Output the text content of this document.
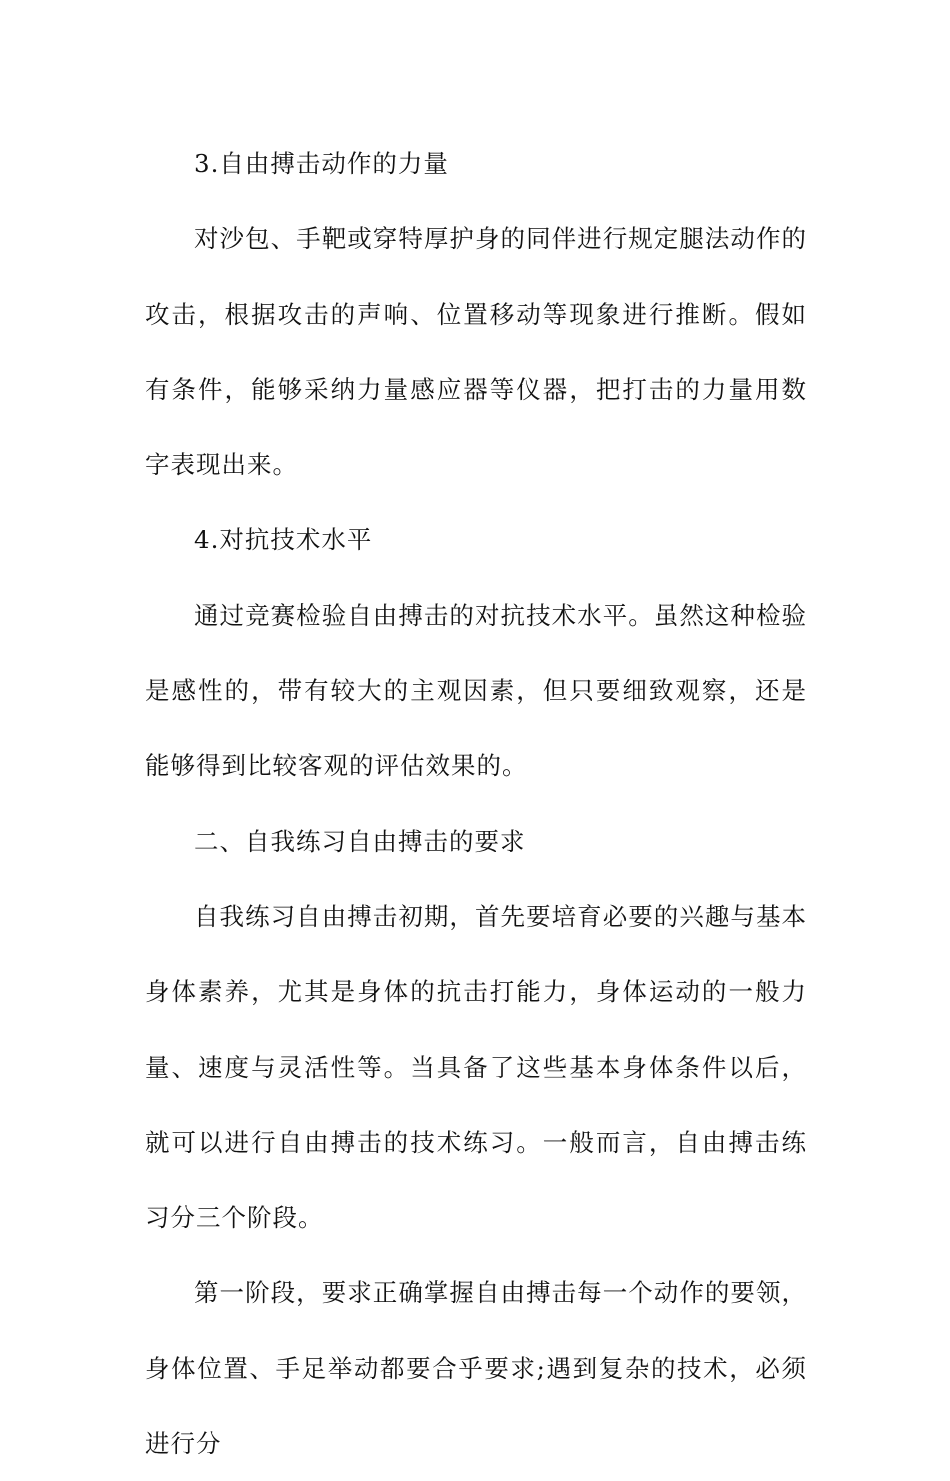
3.自由搏击动作的力量

对沙包、手靶或穿特厚护身的同伴进行规定腿法动作的攻击，根据攻击的声响、位置移动等现象进行推断。假如有条件，能够采纳力量感应器等仪器，把打击的力量用数字表现出来。

4.对抗技术水平

通过竞赛检验自由搏击的对抗技术水平。虽然这种检验是感性的，带有较大的主观因素，但只要细致观察，还是能够得到比较客观的评估效果的。

二、自我练习自由搏击的要求

自我练习自由搏击初期，首先要培育必要的兴趣与基本身体素养，尤其是身体的抗击打能力，身体运动的一般力量、速度与灵活性等。当具备了这些基本身体条件以后，就可以进行自由搏击的技术练习。一般而言，自由搏击练习分三个阶段。

第一阶段，要求正确掌握自由搏击每一个动作的要领，身体位置、手足举动都要合乎要求;遇到复杂的技术，必须进行分
